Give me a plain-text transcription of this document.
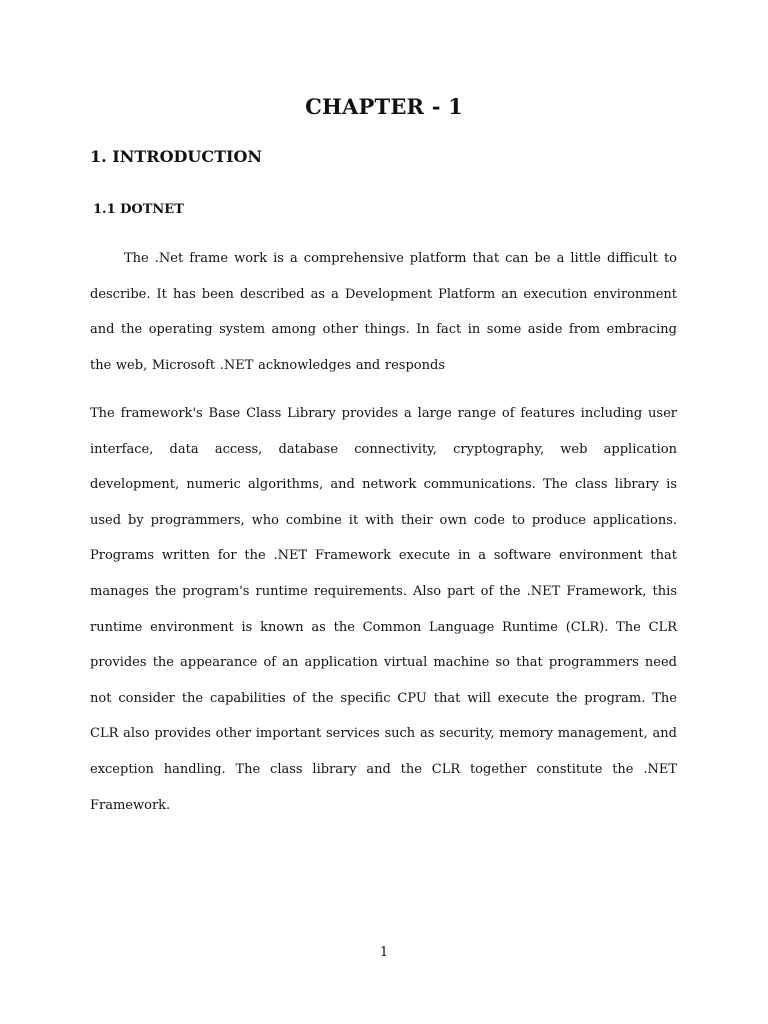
CHAPTER - 1
1. INTRODUCTION
1.1 DOTNET

The .Net frame work is a comprehensive platform that can be a little difficult to describe. It has been described as a Development Platform an execution environment and the operating system among other things. In fact in some aside from embracing the web, Microsoft .NET acknowledges and responds

The framework's Base Class Library provides a large range of features including user interface, data access, database connectivity, cryptography, web application development, numeric algorithms, and network communications. The class library is used by programmers, who combine it with their own code to produce applications. Programs written for the .NET Framework execute in a software environment that manages the program's runtime requirements. Also part of the .NET Framework, this runtime environment is known as the Common Language Runtime (CLR). The CLR provides the appearance of an application virtual machine so that programmers need not consider the capabilities of the specific CPU that will execute the program. The CLR also provides other important services such as security, memory management, and exception handling. The class library and the CLR together constitute the .NET Framework.

1
